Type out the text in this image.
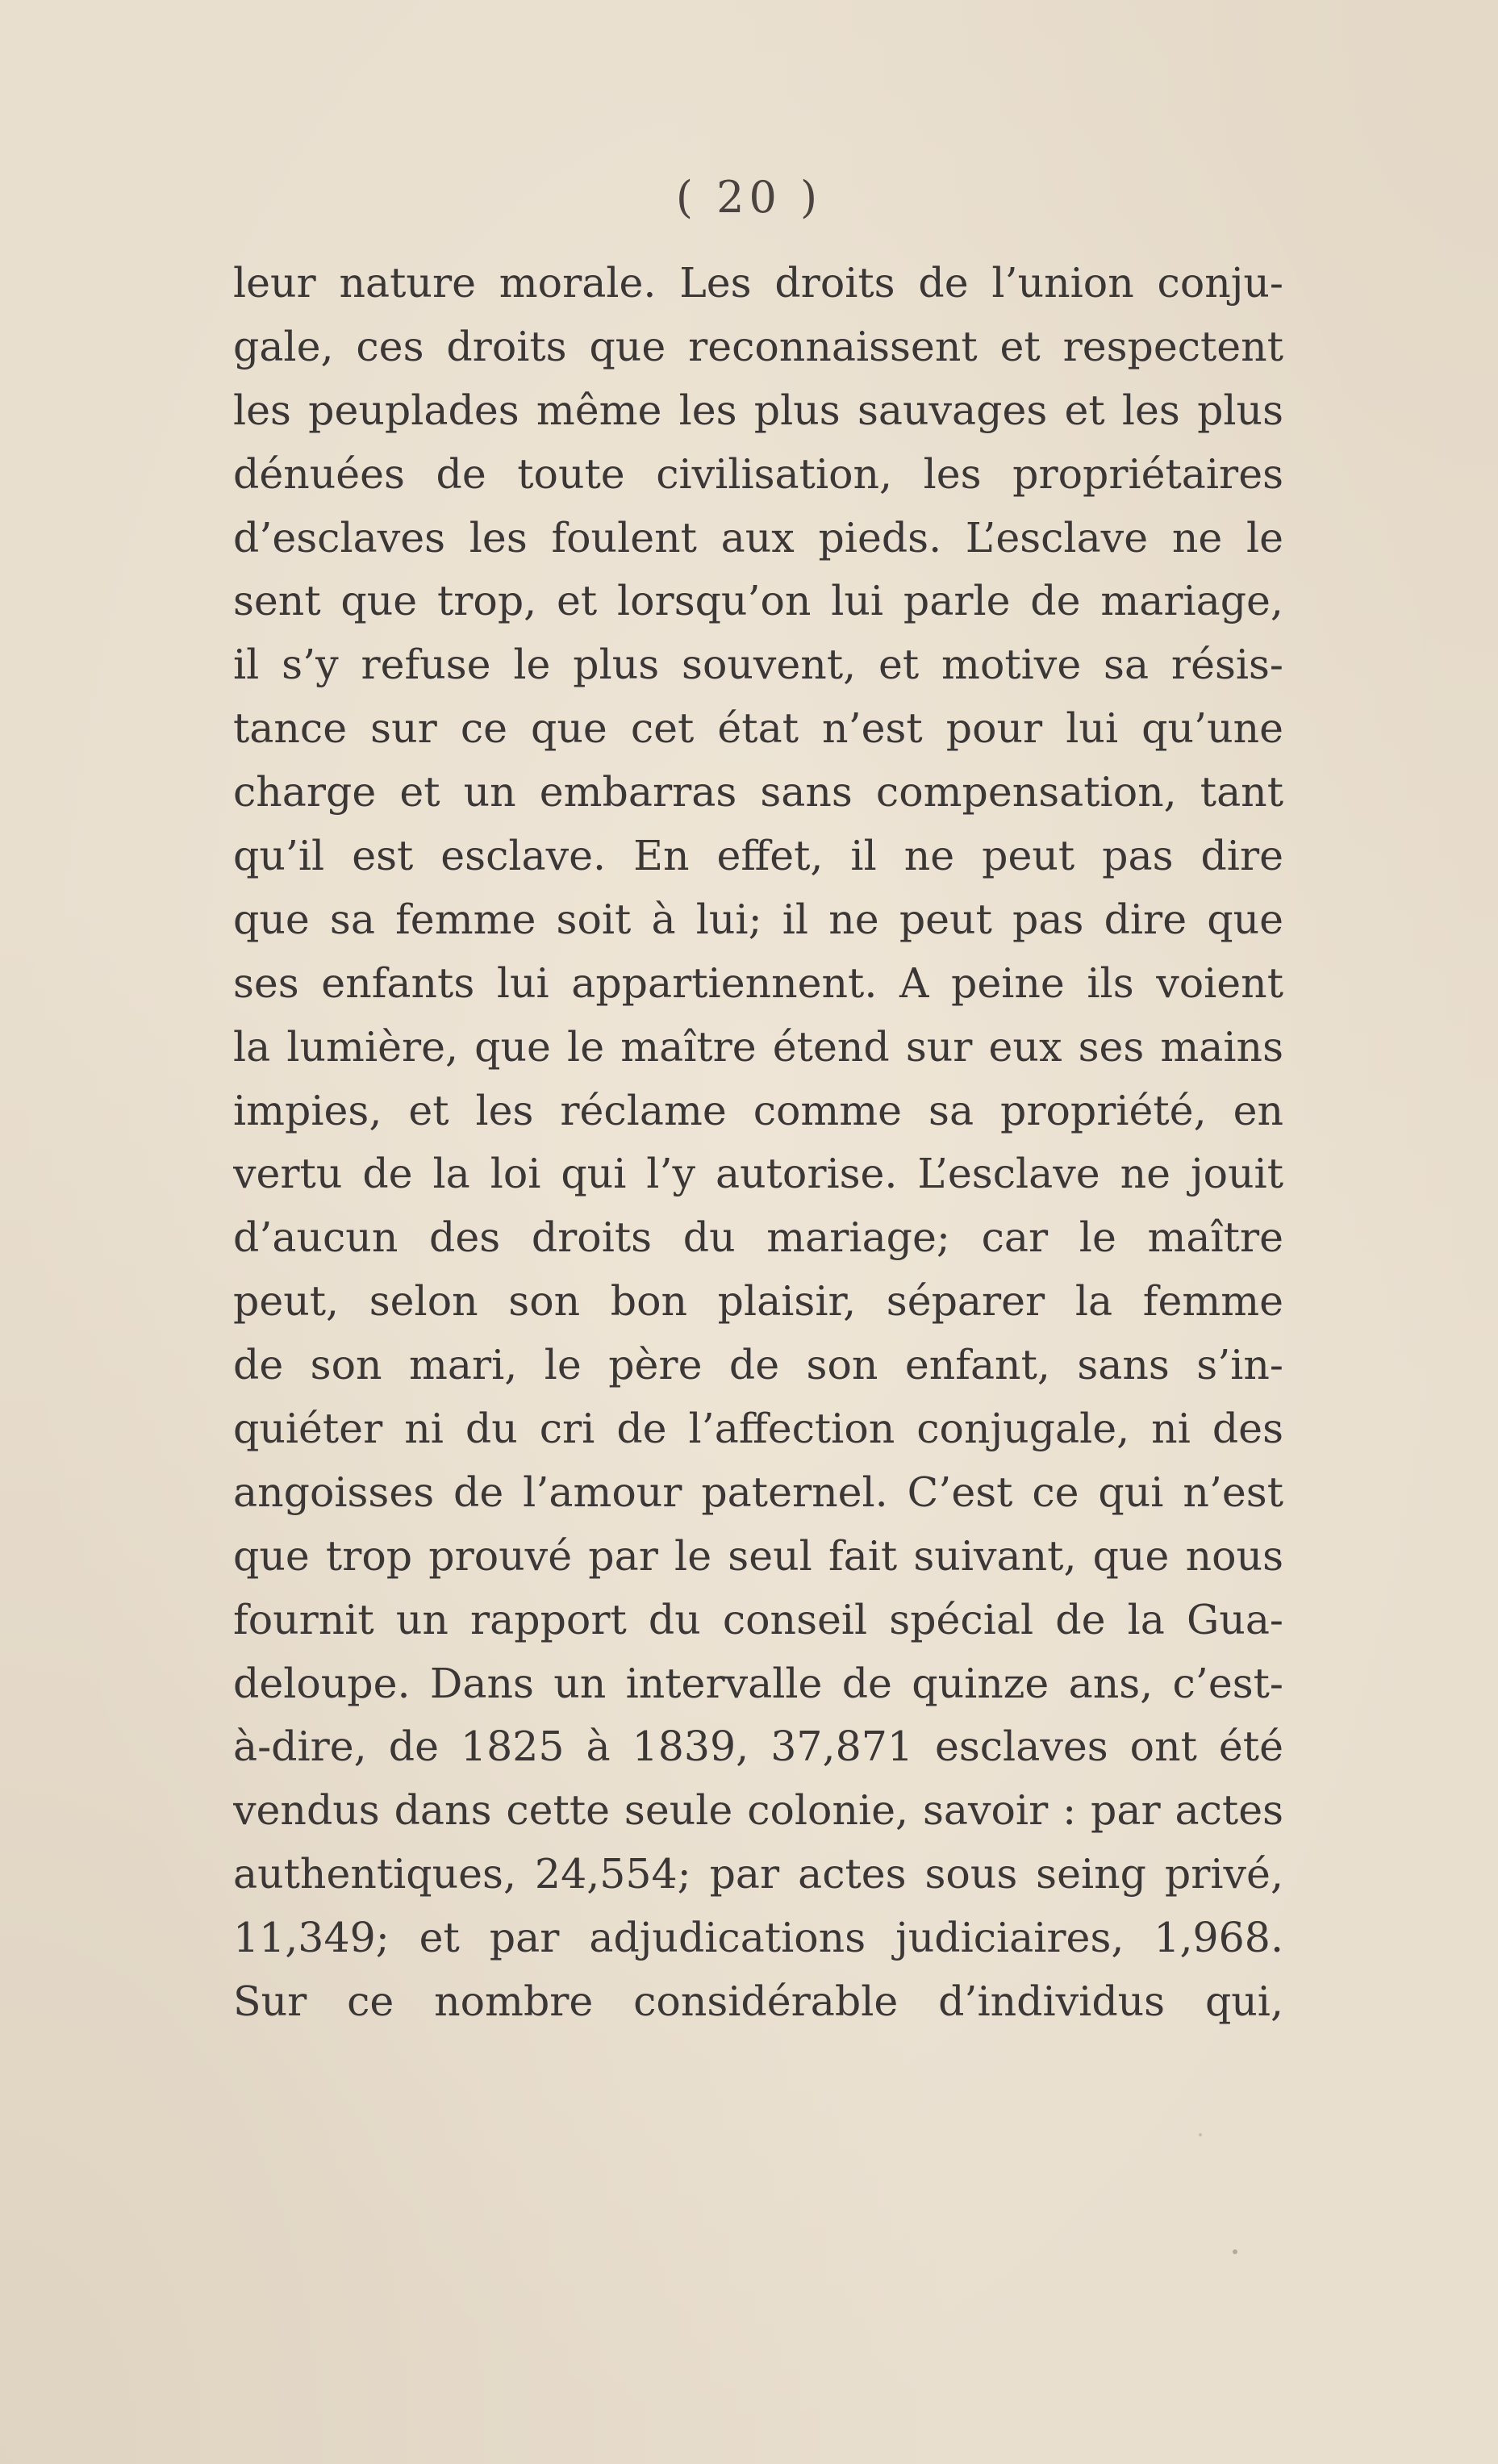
( 20 )
leur nature morale. Les droits de l’union conju-
gale, ces droits que reconnaissent et respectent
les peuplades même les plus sauvages et les plus
dénuées de toute civilisation, les propriétaires
d’esclaves les foulent aux pieds. L’esclave ne le
sent que trop, et lorsqu’on lui parle de mariage,
il s’y refuse le plus souvent, et motive sa résis-
tance sur ce que cet état n’est pour lui qu’une
charge et un embarras sans compensation, tant
qu’il est esclave. En effet, il ne peut pas dire
que sa femme soit à lui; il ne peut pas dire que
ses enfants lui appartiennent. A peine ils voient
la lumière, que le maître étend sur eux ses mains
impies, et les réclame comme sa propriété, en
vertu de la loi qui l’y autorise. L’esclave ne jouit
d’aucun des droits du mariage; car le maître
peut, selon son bon plaisir, séparer la femme
de son mari, le père de son enfant, sans s’in-
quiéter ni du cri de l’affection conjugale, ni des
angoisses de l’amour paternel. C’est ce qui n’est
que trop prouvé par le seul fait suivant, que nous
fournit un rapport du conseil spécial de la Gua-
deloupe. Dans un intervalle de quinze ans, c’est-
à-dire, de 1825 à 1839, 37,871 esclaves ont été
vendus dans cette seule colonie, savoir : par actes
authentiques, 24,554; par actes sous seing privé,
11,349; et par adjudications judiciaires, 1,968.
Sur ce nombre considérable d’individus qui,
